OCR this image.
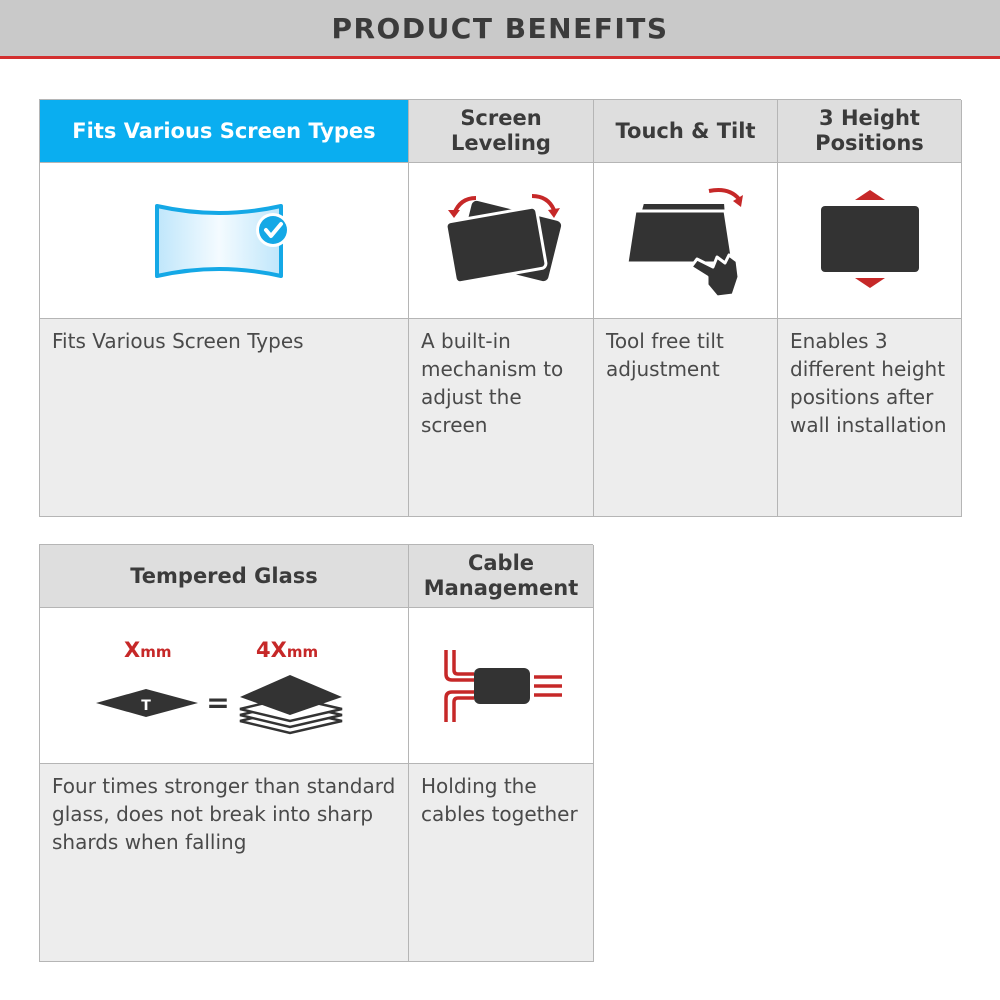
PRODUCT BENEFITS
Fits Various Screen Types
Screen Leveling
Touch & Tilt
3 Height Positions
Fits Various Screen Types	A built-in mechanism to adjust the screen
Tool free tilt adjustment
Enables 3 different height positions after wall installation
Tempered Glass
Cable Management
Xmm	4Xmm
T =
Four times stronger than standard glass, does not break into sharp shards when falling
Holding the cables together
